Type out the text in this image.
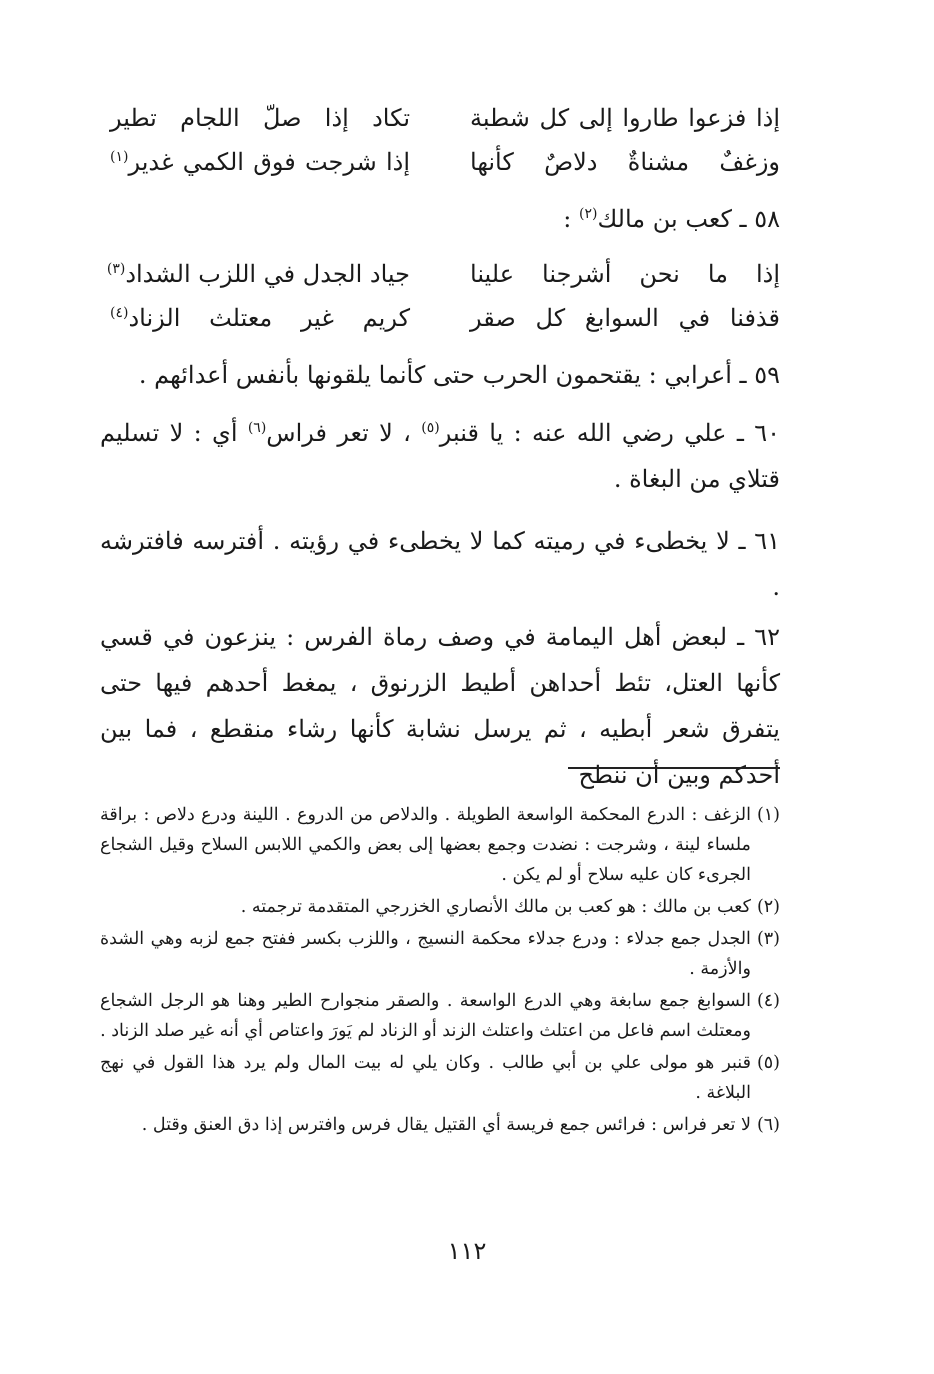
إذا فزعوا طاروا إلى كل شطبة
تكاد إذا صلّ اللجام تطير
وزغفٌ مشناةٌ دلاصٌ كأنها
إذا شرجت فوق الكمي غدير$^{(١)}$
٥٨ ـ كعب بن مالك$^{(٢)}$ :
إذا ما نحن أشرجنا علينا
جياد الجدل في اللزب الشداد$^{(٣)}$
قذفنا في السوابغ كل صقر
كريم غير معتلث الزناد$^{(٤)}$
٥٩ ـ أعرابي : يقتحمون الحرب حتى كأنما يلقونها بأنفس أعدائهم .
٦٠ ـ علي رضي الله عنه : يا قنبر$^{(٥)}$ ، لا تعر فراس$^{(٦)}$ أي : لا تسليم قتلاي من البغاة .
٦١ ـ لا يخطىء في رميته كما لا يخطىء في رؤيته . أفترسه فافترشه .
٦٢ ـ لبعض أهل اليمامة في وصف رماة الفرس : ينزعون في قسي كأنها العتل، تئط أحداهن أطيط الزرنوق ، يمغط أحدهم فيها حتى يتفرق شعر أبطيه ، ثم يرسل نشابة كأنها رشاء منقطع ، فما بين أحدكم وبين أن ننطح
(١)
الزغف : الدرع المحكمة الواسعة الطويلة . والدلاص من الدروع . اللينة ودرع دلاص : براقة ملساء لينة ، وشرجت : نضدت وجمع بعضها إلى بعض والكمي اللابس السلاح وقيل الشجاع الجرىء كان عليه سلاح أو لم يكن .
(٢)
كعب بن مالك : هو كعب بن مالك الأنصاري الخزرجي المتقدمة ترجمته .
(٣)
الجدل جمع جدلاء : ودرع جدلاء محكمة النسيج ، واللزب بكسر ففتح جمع لزبه وهي الشدة والأزمة .
(٤)
السوابغ جمع سابغة وهي الدرع الواسعة . والصقر منجوارح الطير وهنا هو الرجل الشجاع ومعتلث اسم فاعل من اعتلث واعتلث الزند أو الزناد لم يَورَ واعتاص أي أنه غير صلد الزناد .
(٥)
قنبر هو مولى علي بن أبي طالب . وكان يلي له بيت المال ولم يرد هذا القول في نهج البلاغة .
(٦)
لا تعر فراس : فرائس جمع فريسة أي القتيل يقال فرس وافترس إذا دق العنق وقتل .
١١٢
